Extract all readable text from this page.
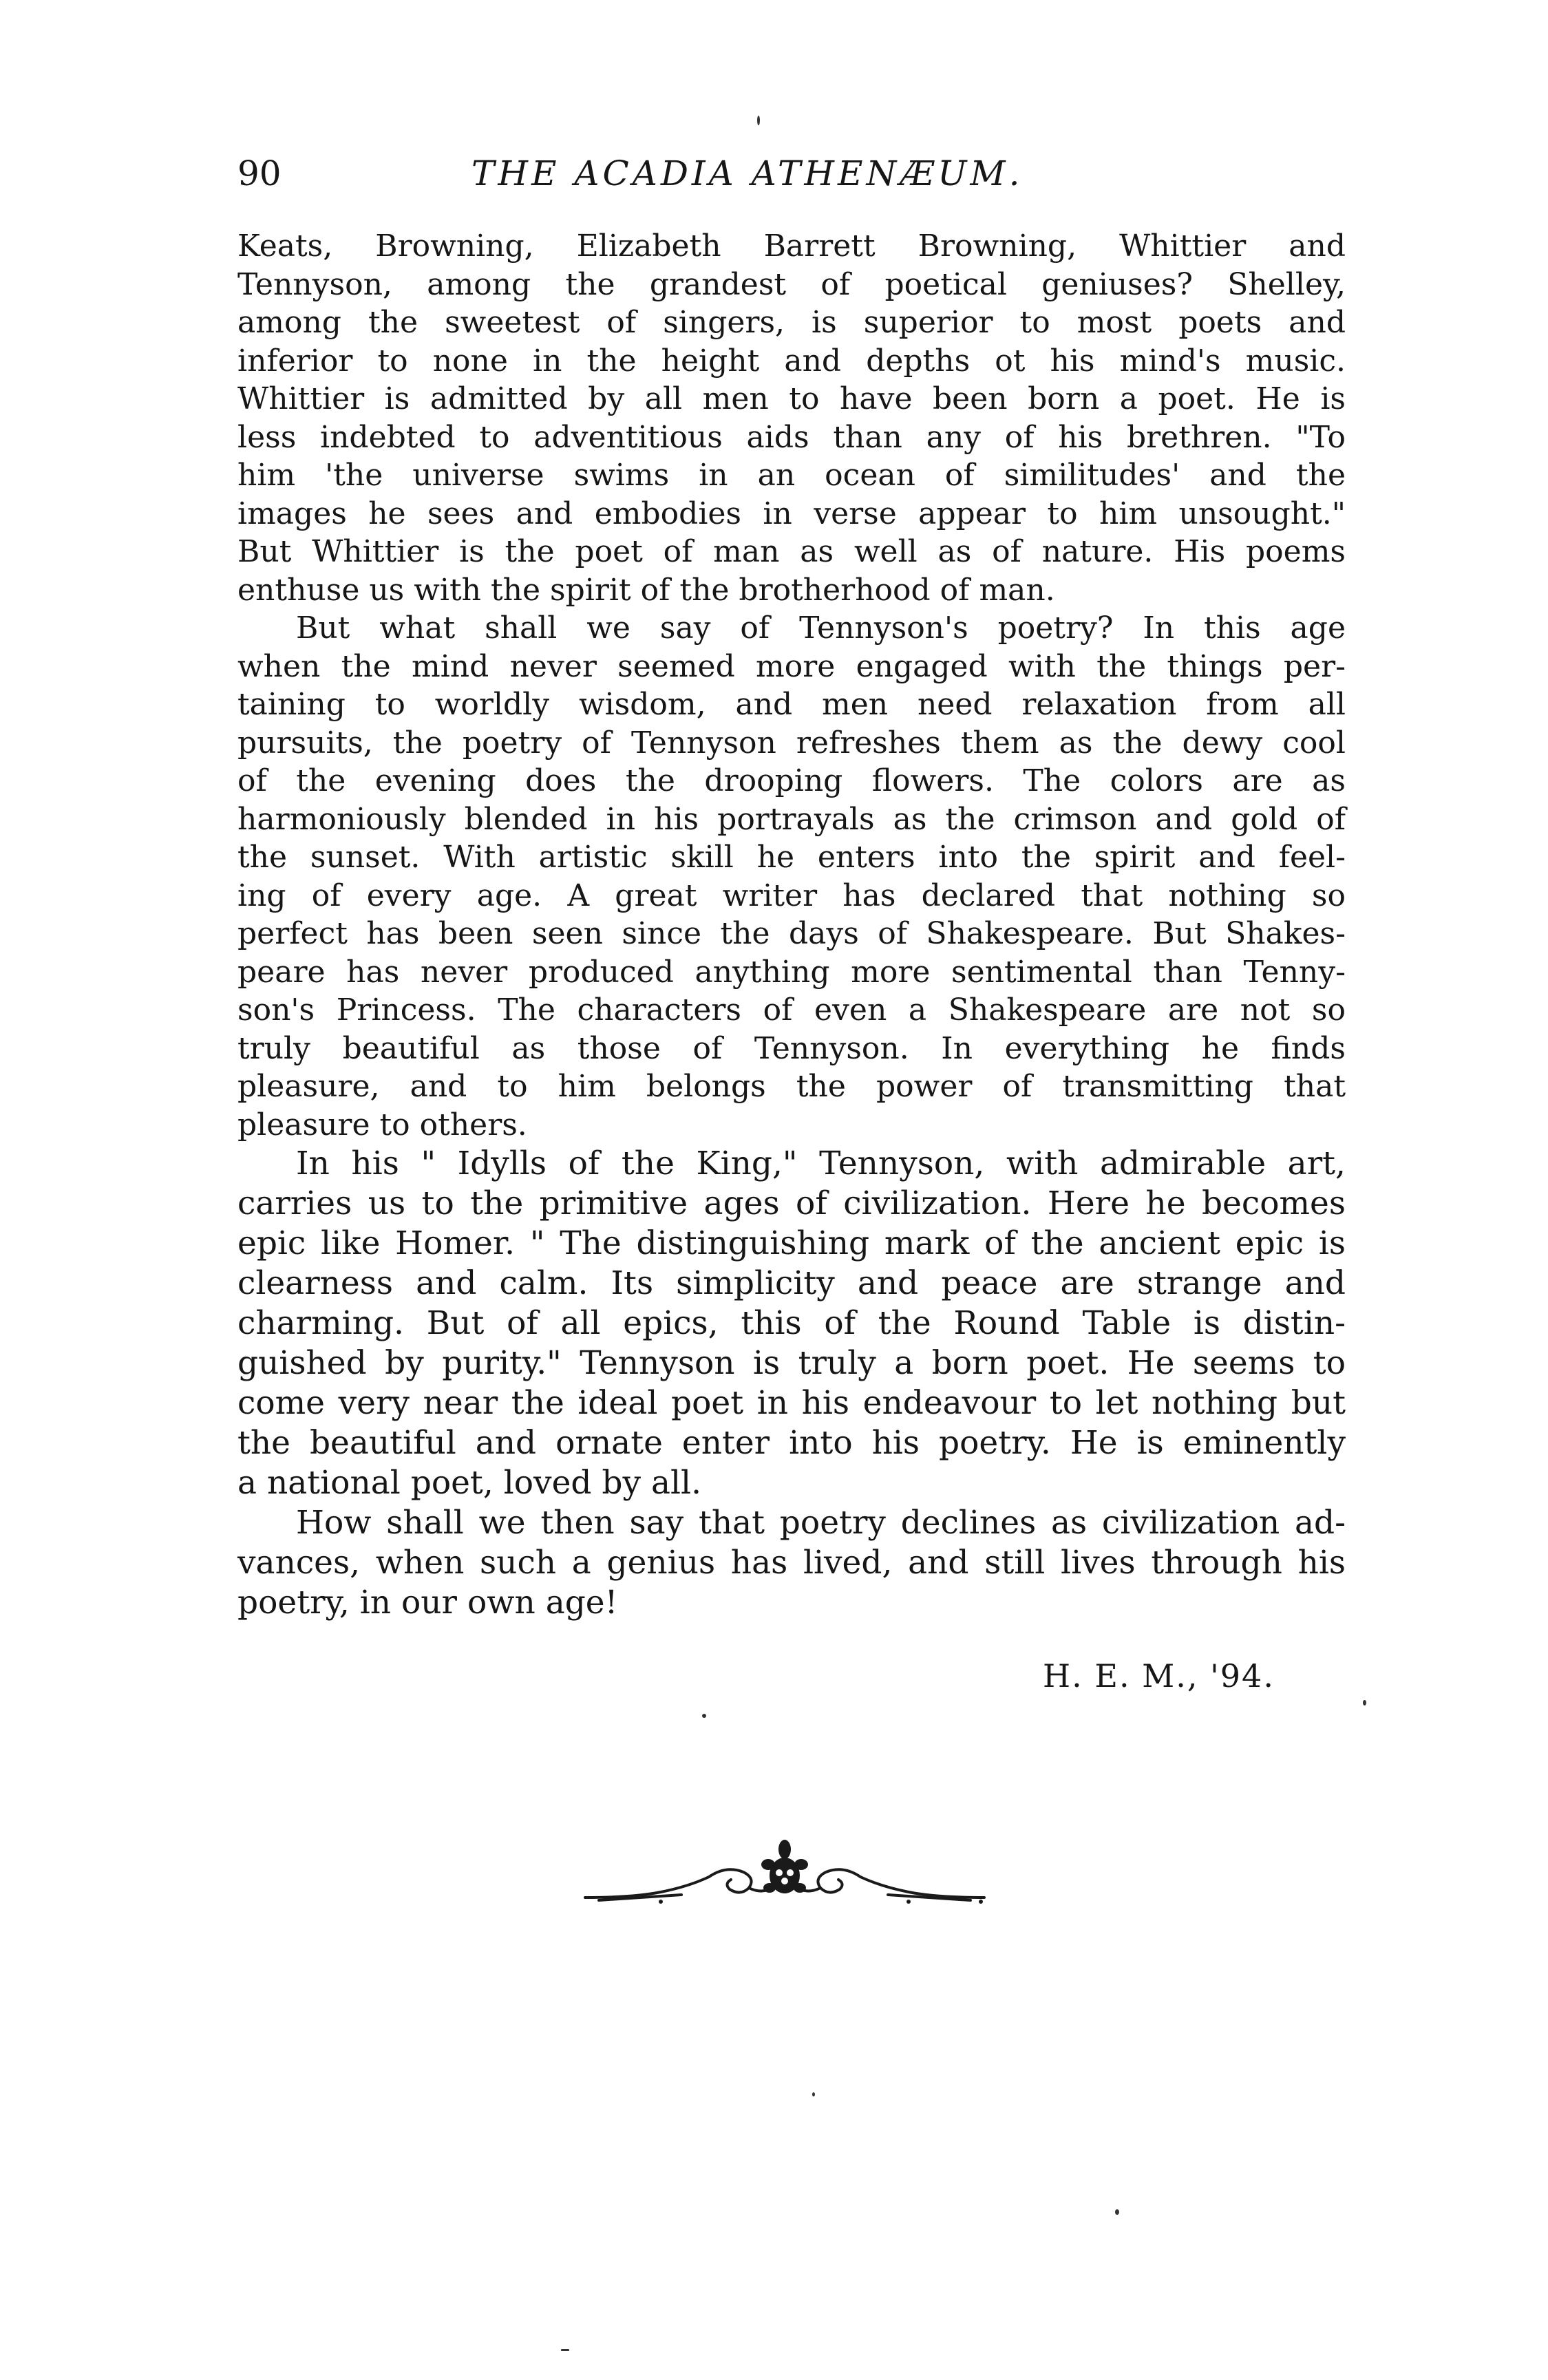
90	THE ACADIA ATHENÆUM.
Keats, Browning, Elizabeth Barrett Browning, Whittier and
Tennyson, among the grandest of poetical geniuses? Shelley,
among the sweetest of singers, is superior to most poets and
inferior to none in the height and depths ot his mind's music.
Whittier is admitted by all men to have been born a poet. He is
less indebted to adventitious aids than any of his brethren. "To
him 'the universe swims in an ocean of similitudes' and the
images he sees and embodies in verse appear to him unsought."
But Whittier is the poet of man as well as of nature. His poems
enthuse us with the spirit of the brotherhood of man.
But what shall we say of Tennyson's poetry? In this age
when the mind never seemed more engaged with the things per-
taining to worldly wisdom, and men need relaxation from all
pursuits, the poetry of Tennyson refreshes them as the dewy cool
of the evening does the drooping flowers. The colors are as
harmoniously blended in his portrayals as the crimson and gold of
the sunset. With artistic skill he enters into the spirit and feel-
ing of every age. A great writer has declared that nothing so
perfect has been seen since the days of Shakespeare. But Shakes-
peare has never produced anything more sentimental than Tenny-
son's Princess. The characters of even a Shakespeare are not so
truly beautiful as those of Tennyson. In everything he finds
pleasure, and to him belongs the power of transmitting that
pleasure to others.
In his " Idylls of the King," Tennyson, with admirable art,
carries us to the primitive ages of civilization. Here he becomes
epic like Homer. " The distinguishing mark of the ancient epic is
clearness and calm. Its simplicity and peace are strange and
charming. But of all epics, this of the Round Table is distin-
guished by purity." Tennyson is truly a born poet. He seems to
come very near the ideal poet in his endeavour to let nothing but
the beautiful and ornate enter into his poetry. He is eminently
a national poet, loved by all.
How shall we then say that poetry declines as civilization ad-
vances, when such a genius has lived, and still lives through his
poetry, in our own age!
H. E. M., '94.
